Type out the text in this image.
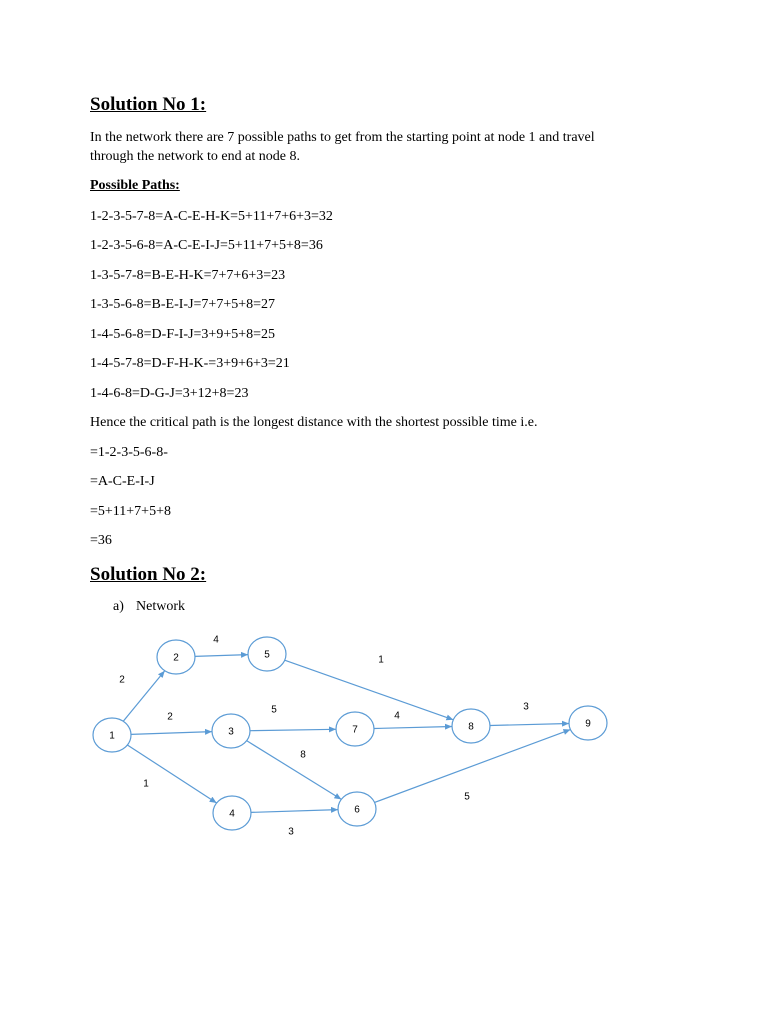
Solution No 1:

In the network there are 7 possible paths to get from the starting point at node 1 and travel

through the network to end at node 8.

Possible Paths:

1-2-3-5-7-8=A-C-E-H-K=5+11+7+6+3=32

1-2-3-5-6-8=A-C-E-I-J=5+11+7+5+8=36

1-3-5-7-8=B-E-H-K=7+7+6+3=23

1-3-5-6-8=B-E-I-J=7+7+5+8=27

1-4-5-6-8=D-F-I-J=3+9+5+8=25

1-4-5-7-8=D-F-H-K-=3+9+6+3=21

1-4-6-8=D-G-J=3+12+8=23

Hence the critical path is the longest distance with the shortest possible time i.e.

=1-2-3-5-6-8-

=A-C-E-I-J

=5+11+7+5+8

=36

Solution No 2:

a) Network

1
2
3
4
5
6
7	8	9
2
2
1
4
1
5
8
4
3
3
5
